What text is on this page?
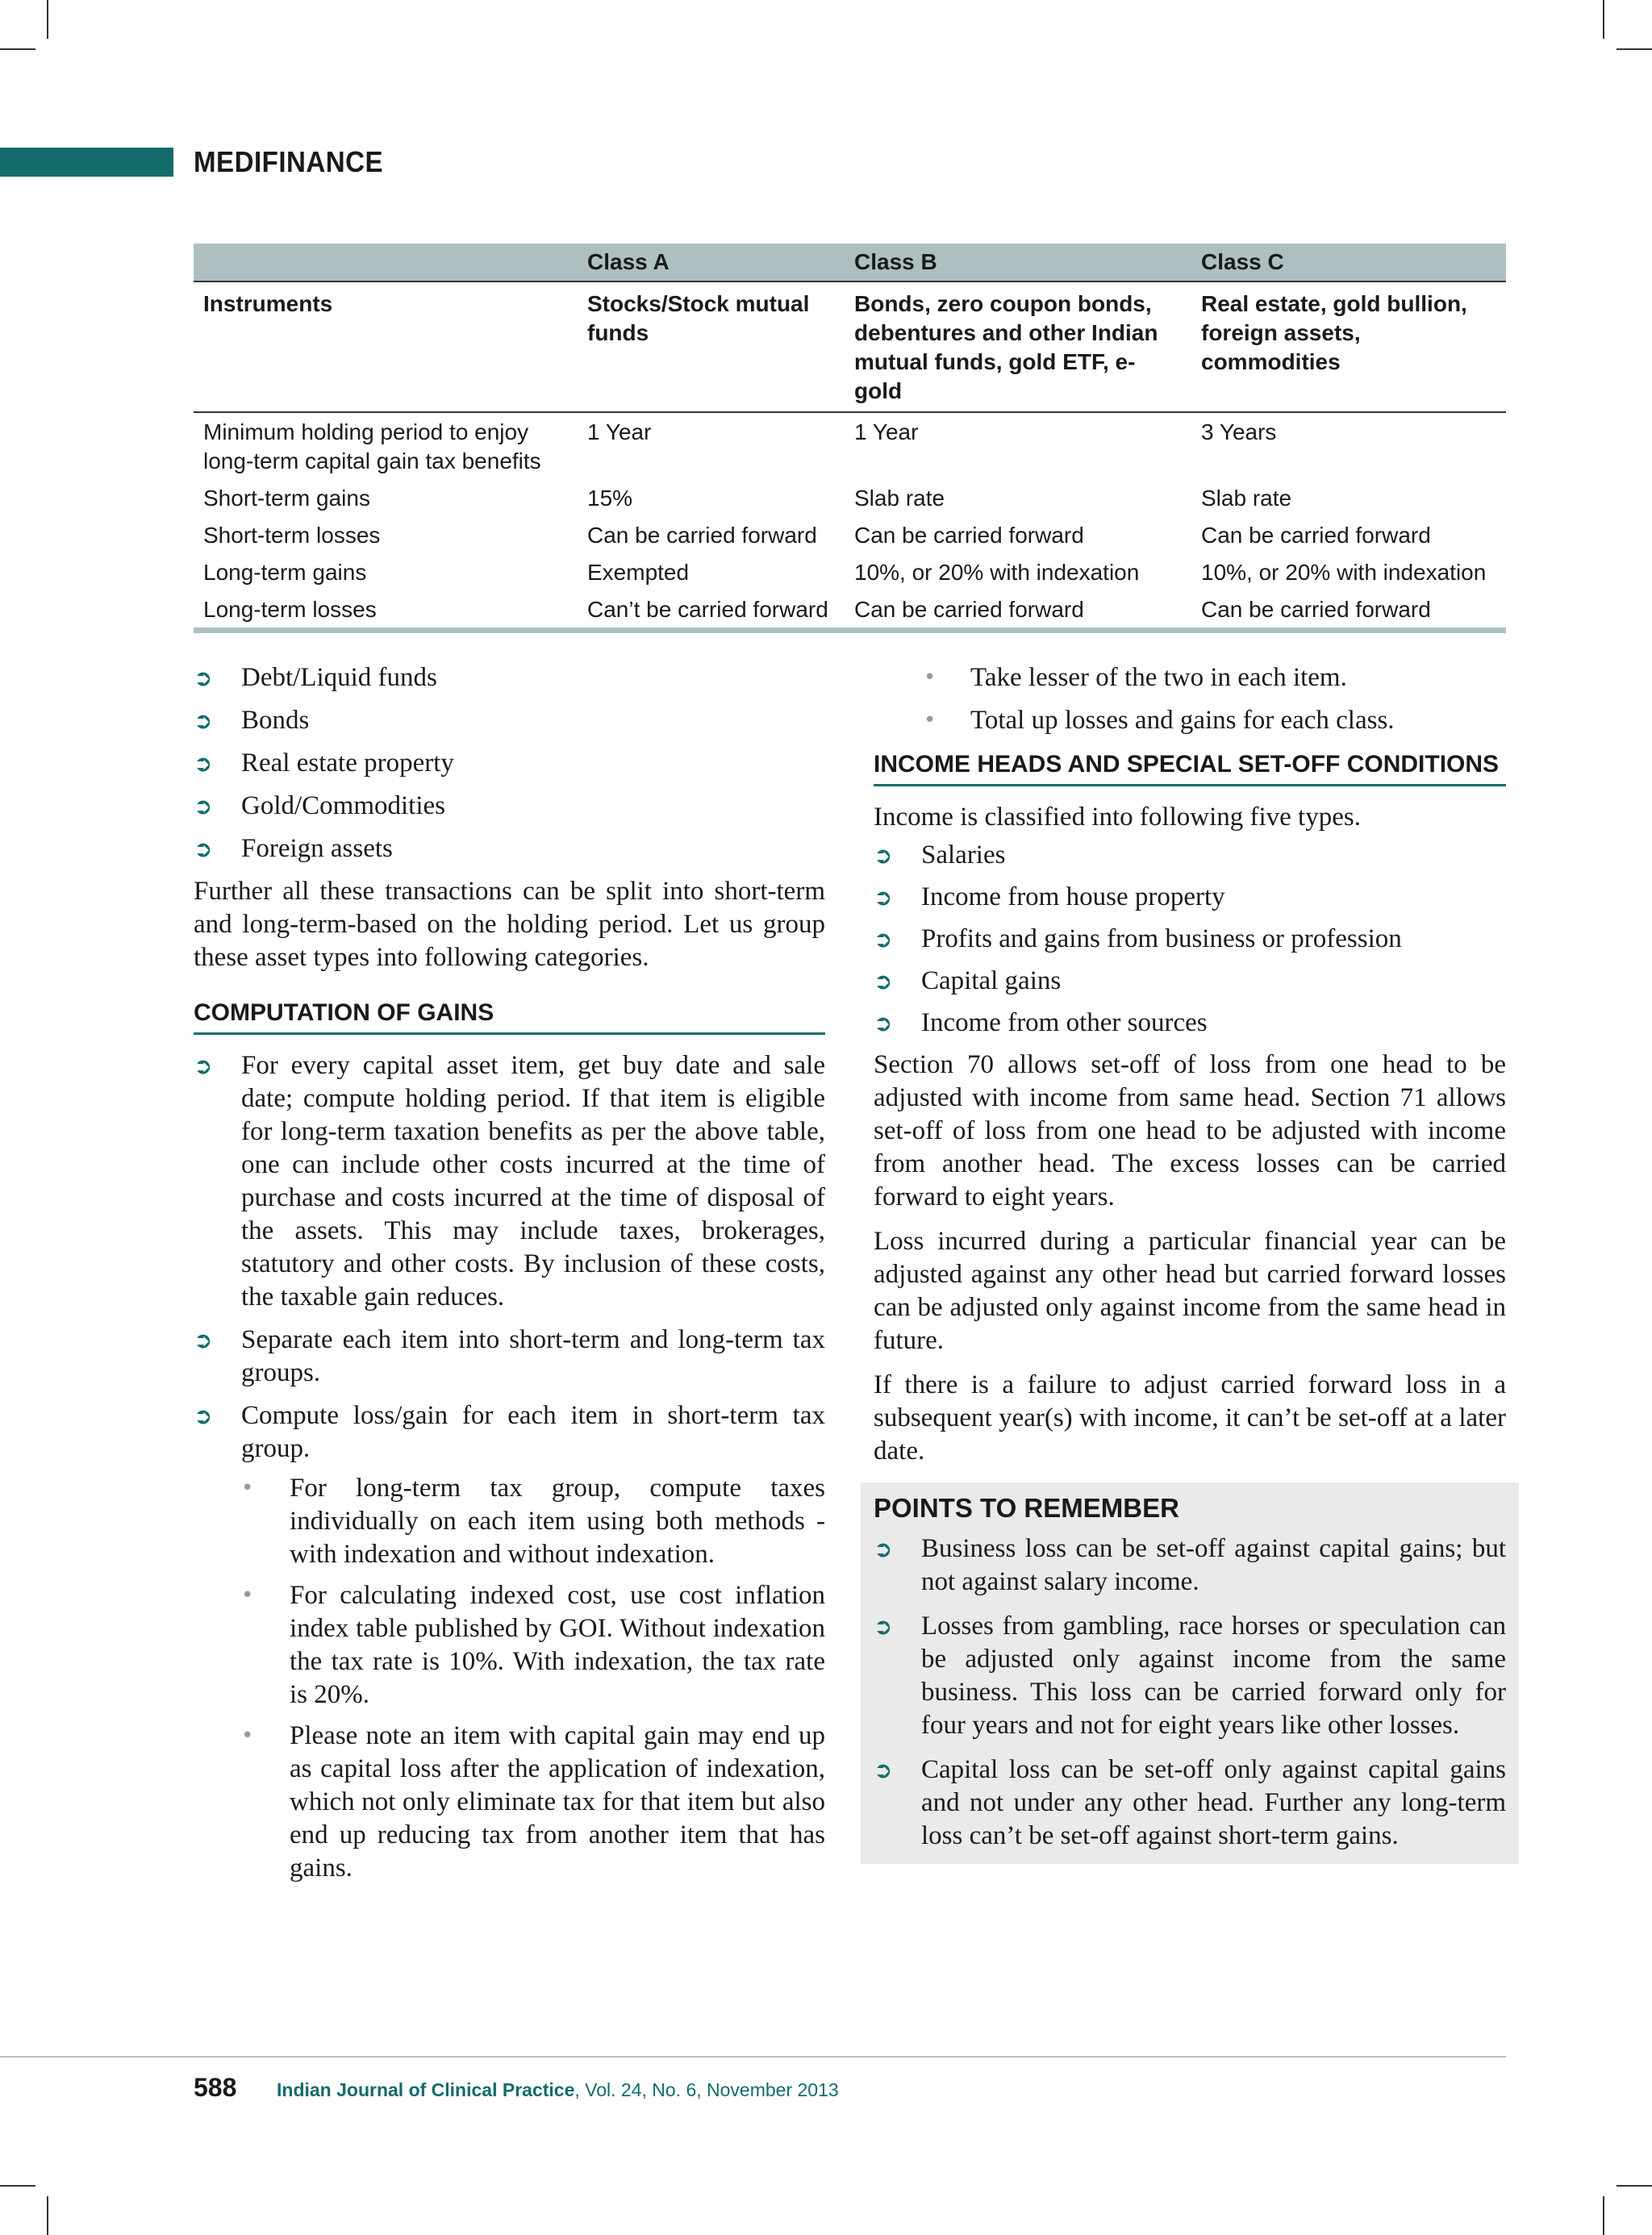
MEDIFINANCE
	Class A	Class B	Class C
Instruments	Stocks/Stock mutual funds	Bonds, zero coupon bonds, debentures and other Indian mutual funds, gold ETF, e-gold	Real estate, gold bullion, foreign assets, commodities
Minimum holding period to enjoy long-term capital gain tax benefits	1 Year	1 Year	3 Years
Short-term gains	15%	Slab rate	Slab rate
Short-term losses	Can be carried forward	Can be carried forward	Can be carried forward
Long-term gains	Exempted	10%, or 20% with indexation	10%, or 20% with indexation
Long-term losses	Can’t be carried forward	Can be carried forward	Can be carried forward
➲ Debt/Liquid funds
➲ Bonds
➲ Real estate property
➲ Gold/Commodities
➲ Foreign assets

Further all these transactions can be split into short-term and long-term-based on the holding period. Let us group these asset types into following categories.

COMPUTATION OF GAINS
➲ For every capital asset item, get buy date and sale date; compute holding period. If that item is eligible for long-term taxation benefits as per the above table, one can include other costs incurred at the time of purchase and costs incurred at the time of disposal of the assets. This may include taxes, brokerages, statutory and other costs. By inclusion of these costs, the taxable gain reduces.
➲ Separate each item into short-term and long-term tax groups.
➲ Compute loss/gain for each item in short-term tax group.
• For long-term tax group, compute taxes individually on each item using both methods - with indexation and without indexation.
• For calculating indexed cost, use cost inflation index table published by GOI. Without indexation the tax rate is 10%. With indexation, the tax rate is 20%.
• Please note an item with capital gain may end up as capital loss after the application of indexation, which not only eliminate tax for that item but also end up reducing tax from another item that has gains.
• Take lesser of the two in each item.
• Total up losses and gains for each class.
INCOME HEADS AND SPECIAL SET-OFF CONDITIONS

Income is classified into following five types.

➲ Salaries
➲ Income from house property
➲ Profits and gains from business or profession
➲ Capital gains
➲ Income from other sources

Section 70 allows set-off of loss from one head to be adjusted with income from same head. Section 71 allows set-off of loss from one head to be adjusted with income from another head. The excess losses can be carried forward to eight years.

Loss incurred during a particular financial year can be adjusted against any other head but carried forward losses can be adjusted only against income from the same head in future.

If there is a failure to adjust carried forward loss in a subsequent year(s) with income, it can’t be set-off at a later date.

POINTS TO REMEMBER
➲ Business loss can be set-off against capital gains; but not against salary income.
➲ Losses from gambling, race horses or speculation can be adjusted only against income from the same business. This loss can be carried forward only for four years and not for eight years like other losses.
➲ Capital loss can be set-off only against capital gains and not under any other head. Further any long-term loss can’t be set-off against short-term gains.
588 Indian Journal of Clinical Practice, Vol. 24, No. 6, November 2013
